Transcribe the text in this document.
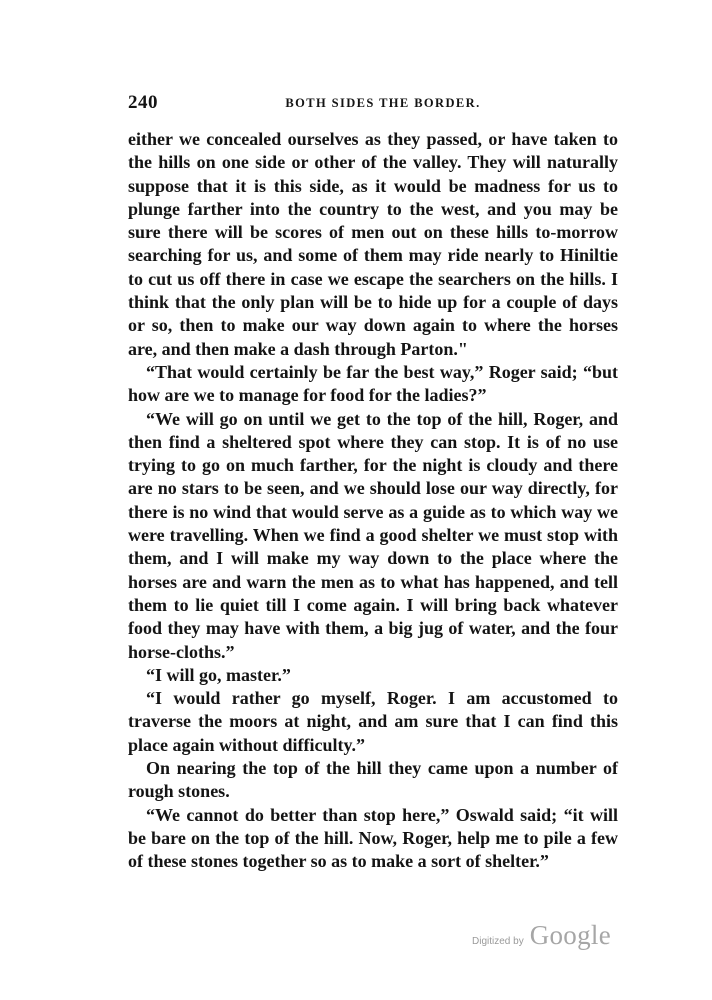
240	BOTH SIDES THE BORDER.

either we concealed ourselves as they passed, or have taken to the hills on one side or other of the valley. They will naturally suppose that it is this side, as it would be madness for us to plunge farther into the country to the west, and you may be sure there will be scores of men out on these hills to-morrow searching for us, and some of them may ride nearly to Hiniltie to cut us off there in case we escape the searchers on the hills. I think that the only plan will be to hide up for a couple of days or so, then to make our way down again to where the horses are, and then make a dash through Parton."

“That would certainly be far the best way,” Roger said; “but how are we to manage for food for the ladies?”

“We will go on until we get to the top of the hill, Roger, and then find a sheltered spot where they can stop. It is of no use trying to go on much farther, for the night is cloudy and there are no stars to be seen, and we should lose our way directly, for there is no wind that would serve as a guide as to which way we were travelling. When we find a good shelter we must stop with them, and I will make my way down to the place where the horses are and warn the men as to what has happened, and tell them to lie quiet till I come again. I will bring back whatever food they may have with them, a big jug of water, and the four horse-cloths.”

“I will go, master.”

“I would rather go myself, Roger. I am accustomed to traverse the moors at night, and am sure that I can find this place again without difficulty.”

On nearing the top of the hill they came upon a number of rough stones.

“We cannot do better than stop here,” Oswald said; “it will be bare on the top of the hill. Now, Roger, help me to pile a few of these stones together so as to make a sort of shelter.”

Digitized by Google
